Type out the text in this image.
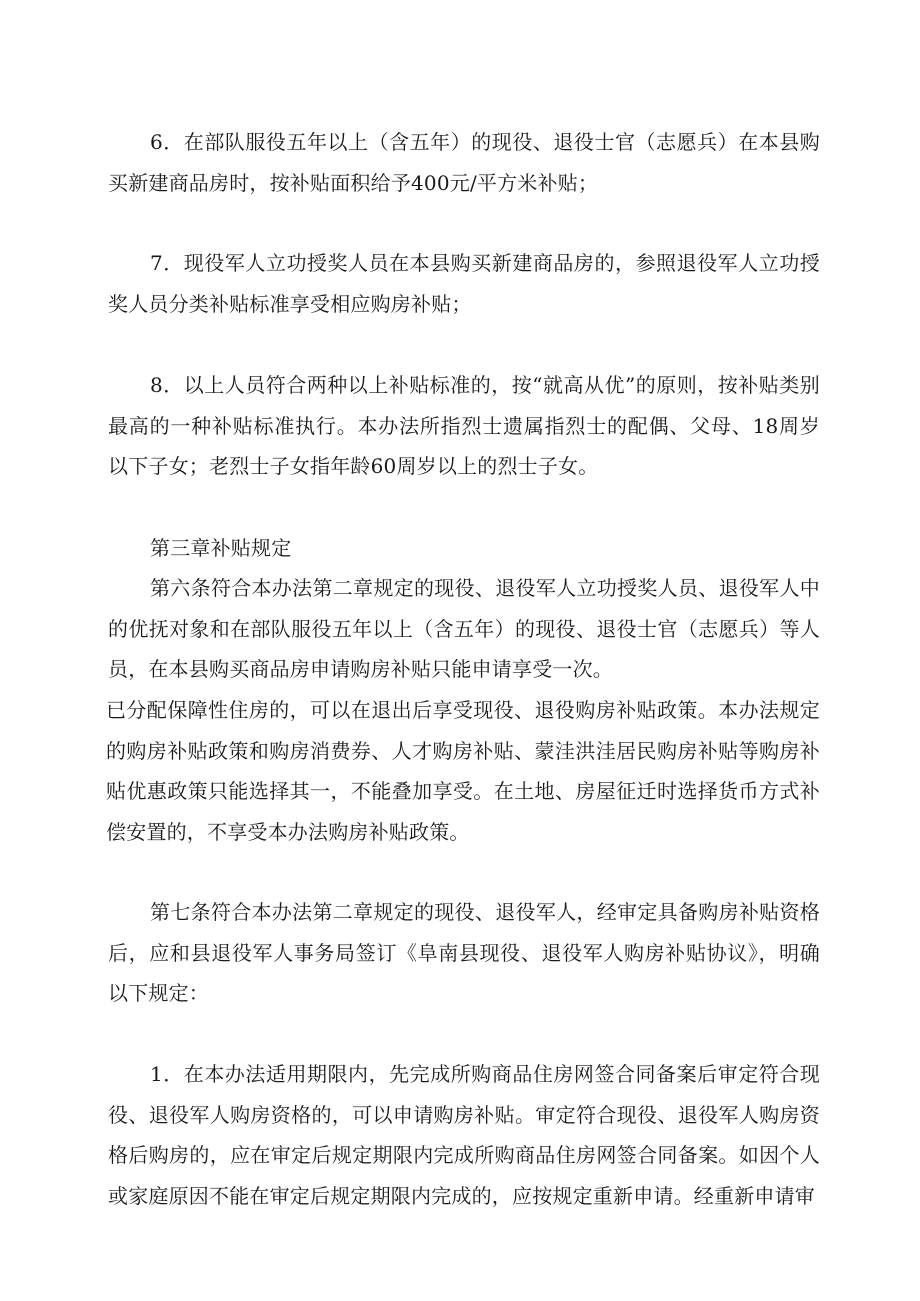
6．在部队服役五年以上（含五年）的现役、退役士官（志愿兵）在本县购买新建商品房时，按补贴面积给予400元/平方米补贴；

7．现役军人立功授奖人员在本县购买新建商品房的，参照退役军人立功授奖人员分类补贴标准享受相应购房补贴；

8．以上人员符合两种以上补贴标准的，按“就高从优”的原则，按补贴类别最高的一种补贴标准执行。本办法所指烈士遗属指烈士的配偶、父母、18周岁以下子女；老烈士子女指年龄60周岁以上的烈士子女。

第三章补贴规定

第六条符合本办法第二章规定的现役、退役军人立功授奖人员、退役军人中的优抚对象和在部队服役五年以上（含五年）的现役、退役士官（志愿兵）等人员，在本县购买商品房申请购房补贴只能申请享受一次。

已分配保障性住房的，可以在退出后享受现役、退役购房补贴政策。本办法规定的购房补贴政策和购房消费券、人才购房补贴、蒙洼洪洼居民购房补贴等购房补贴优惠政策只能选择其一，不能叠加享受。在土地、房屋征迁时选择货币方式补偿安置的，不享受本办法购房补贴政策。

第七条符合本办法第二章规定的现役、退役军人，经审定具备购房补贴资格后，应和县退役军人事务局签订《阜南县现役、退役军人购房补贴协议》，明确以下规定：

1．在本办法适用期限内，先完成所购商品住房网签合同备案后审定符合现役、退役军人购房资格的，可以申请购房补贴。审定符合现役、退役军人购房资格后购房的，应在审定后规定期限内完成所购商品住房网签合同备案。如因个人或家庭原因不能在审定后规定期限内完成的，应按规定重新申请。经重新申请审
